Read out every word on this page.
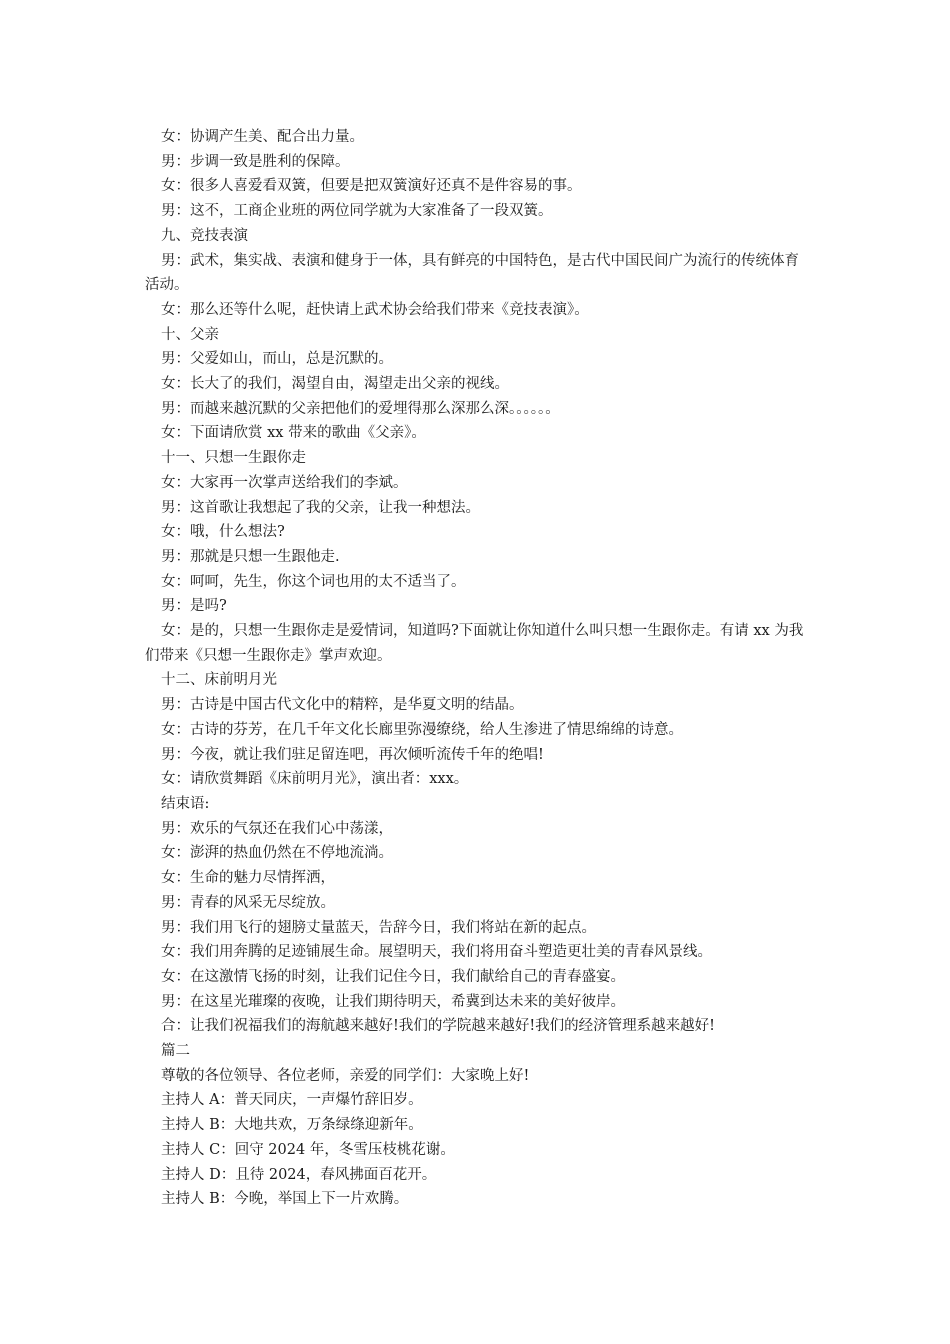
女：协调产生美、配合出力量。

男：步调一致是胜利的保障。

女：很多人喜爱看双簧，但要是把双簧演好还真不是件容易的事。

男：这不，工商企业班的两位同学就为大家准备了一段双簧。

九、竞技表演

男：武术，集实战、表演和健身于一体，具有鲜亮的中国特色，是古代中国民间广为流行的传统体育活动。

女：那么还等什么呢，赶快请上武术协会给我们带来《竞技表演》。

十、父亲

男：父爱如山，而山，总是沉默的。

女：长大了的我们，渴望自由，渴望走出父亲的视线。

男：而越来越沉默的父亲把他们的爱埋得那么深那么深。。。。。。

女：下面请欣赏 xx 带来的歌曲《父亲》。

十一、只想一生跟你走

女：大家再一次掌声送给我们的李斌。

男：这首歌让我想起了我的父亲，让我一种想法。

女：哦，什么想法?

男：那就是只想一生跟他走.

女：呵呵，先生，你这个词也用的太不适当了。

男：是吗?

女：是的，只想一生跟你走是爱情词，知道吗?下面就让你知道什么叫只想一生跟你走。有请 xx 为我们带来《只想一生跟你走》掌声欢迎。

十二、床前明月光

男：古诗是中国古代文化中的精粹，是华夏文明的结晶。

女：古诗的芬芳，在几千年文化长廊里弥漫缭绕，给人生渗进了情思绵绵的诗意。

男：今夜，就让我们驻足留连吧，再次倾听流传千年的绝唱!

女：请欣赏舞蹈《床前明月光》，演出者：xxx。

结束语:

男：欢乐的气氛还在我们心中荡漾，

女：澎湃的热血仍然在不停地流淌。

女：生命的魅力尽情挥洒，

男：青春的风采无尽绽放。

男：我们用飞行的翅膀丈量蓝天，告辞今日，我们将站在新的起点。

女：我们用奔腾的足迹铺展生命。展望明天，我们将用奋斗塑造更壮美的青春风景线。

女：在这激情飞扬的时刻，让我们记住今日，我们献给自己的青春盛宴。

男：在这星光璀璨的夜晚，让我们期待明天，希冀到达未来的美好彼岸。

合：让我们祝福我们的海航越来越好!我们的学院越来越好!我们的经济管理系越来越好!

篇二

尊敬的各位领导、各位老师，亲爱的同学们：大家晚上好!

主持人 A：普天同庆，一声爆竹辞旧岁。

主持人 B：大地共欢，万条绿绦迎新年。

主持人 C：回守 2024 年，冬雪压枝桃花谢。

主持人 D：且待 2024，春风拂面百花开。

主持人 B：今晚，举国上下一片欢腾。
